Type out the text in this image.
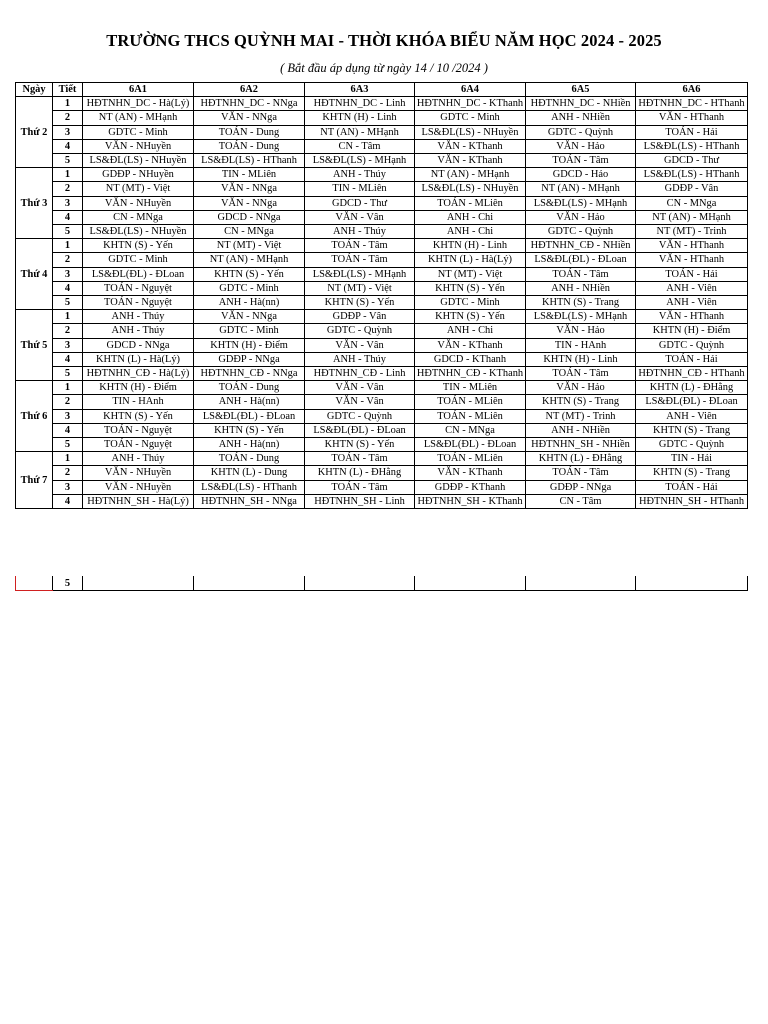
TRƯỜNG THCS QUỲNH MAI - THỜI KHÓA BIỂU NĂM HỌC 2024 - 2025
( Bắt đầu áp dụng từ ngày 14 / 10 /2024 )
Ngày	Tiết	6A1	6A2	6A3	6A4	6A5	6A6
Thứ 2	1	HĐTNHN_DC - Hà(Lý)	HĐTNHN_DC - NNga	HĐTNHN_DC - Linh	HĐTNHN_DC - KThanh	HĐTNHN_DC - NHiền	HĐTNHN_DC - HThanh
	2	NT (AN) - MHạnh	VĂN - NNga	KHTN (H) - Linh	GDTC - Minh	ANH - NHiền	VĂN - HThanh
	3	GDTC - Minh	TOÁN - Dung	NT (AN) - MHạnh	LS&ĐL(LS) - NHuyền	GDTC - Quỳnh	TOÁN - Hải
	4	VĂN - NHuyền	TOÁN - Dung	CN - Tâm	VĂN - KThanh	VĂN - Hảo	LS&ĐL(LS) - HThanh
	5	LS&ĐL(LS) - NHuyền	LS&ĐL(LS) - HThanh	LS&ĐL(LS) - MHạnh	VĂN - KThanh	TOÁN - Tâm	GDCD - Thư
Thứ 3	1	GDĐP - NHuyền	TIN - MLiên	ANH - Thúy	NT (AN) - MHạnh	GDCD - Hảo	LS&ĐL(LS) - HThanh
	2	NT (MT) - Việt	VĂN - NNga	TIN - MLiên	LS&ĐL(LS) - NHuyền	NT (AN) - MHạnh	GDĐP - Vân
	3	VĂN - NHuyền	VĂN - NNga	GDCD - Thư	TOÁN - MLiên	LS&ĐL(LS) - MHạnh	CN - MNga
	4	CN - MNga	GDCD - NNga	VĂN - Vân	ANH - Chi	VĂN - Hảo	NT (AN) - MHạnh
	5	LS&ĐL(LS) - NHuyền	CN - MNga	ANH - Thúy	ANH - Chi	GDTC - Quỳnh	NT (MT) - Trinh
Thứ 4	1	KHTN (S) - Yến	NT (MT) - Việt	TOÁN - Tâm	KHTN (H) - Linh	HĐTNHN_CĐ - NHiền	VĂN - HThanh
	2	GDTC - Minh	NT (AN) - MHạnh	TOÁN - Tâm	KHTN (L) - Hà(Lý)	LS&ĐL(ĐL) - ĐLoan	VĂN - HThanh
	3	LS&ĐL(ĐL) - ĐLoan	KHTN (S) - Yến	LS&ĐL(LS) - MHạnh	NT (MT) - Việt	TOÁN - Tâm	TOÁN - Hải
	4	TOÁN - Nguyệt	GDTC - Minh	NT (MT) - Việt	KHTN (S) - Yến	ANH - NHiền	ANH - Viên
	5	TOÁN - Nguyệt	ANH - Hà(nn)	KHTN (S) - Yến	GDTC - Minh	KHTN (S) - Trang	ANH - Viên
Thứ 5	1	ANH - Thúy	VĂN - NNga	GDĐP - Vân	KHTN (S) - Yến	LS&ĐL(LS) - MHạnh	VĂN - HThanh
	2	ANH - Thúy	GDTC - Minh	GDTC - Quỳnh	ANH - Chi	VĂN - Hảo	KHTN (H) - Điểm
	3	GDCD - NNga	KHTN (H) - Điểm	VĂN - Vân	VĂN - KThanh	TIN - HAnh	GDTC - Quỳnh
	4	KHTN (L) - Hà(Lý)	GDĐP - NNga	ANH - Thúy	GDCD - KThanh	KHTN (H) - Linh	TOÁN - Hải
	5	HĐTNHN_CĐ - Hà(Lý)	HĐTNHN_CĐ - NNga	HĐTNHN_CĐ - Linh	HĐTNHN_CĐ - KThanh	TOÁN - Tâm	HĐTNHN_CĐ - HThanh
Thứ 6	1	KHTN (H) - Điểm	TOÁN - Dung	VĂN - Vân	TIN - MLiên	VĂN - Hảo	KHTN (L) - ĐHằng
	2	TIN - HAnh	ANH - Hà(nn)	VĂN - Vân	TOÁN - MLiên	KHTN (S) - Trang	LS&ĐL(ĐL) - ĐLoan
	3	KHTN (S) - Yến	LS&ĐL(ĐL) - ĐLoan	GDTC - Quỳnh	TOÁN - MLiên	NT (MT) - Trinh	ANH - Viên
	4	TOÁN - Nguyệt	KHTN (S) - Yến	LS&ĐL(ĐL) - ĐLoan	CN - MNga	ANH - NHiền	KHTN (S) - Trang
	5	TOÁN - Nguyệt	ANH - Hà(nn)	KHTN (S) - Yến	LS&ĐL(ĐL) - ĐLoan	HĐTNHN_SH - NHiền	GDTC - Quỳnh
Thứ 7	1	ANH - Thúy	TOÁN - Dung	TOÁN - Tâm	TOÁN - MLiên	KHTN (L) - ĐHằng	TIN - Hải
	2	VĂN - NHuyền	KHTN (L) - Dung	KHTN (L) - ĐHằng	VĂN - KThanh	TOÁN - Tâm	KHTN (S) - Trang
	3	VĂN - NHuyền	LS&ĐL(LS) - HThanh	TOÁN - Tâm	GDĐP - KThanh	GDĐP - NNga	TOÁN - Hải
	4	HĐTNHN_SH - Hà(Lý)	HĐTNHN_SH - NNga	HĐTNHN_SH - Linh	HĐTNHN_SH - KThanh	CN - Tâm	HĐTNHN_SH - HThanh
	5						
